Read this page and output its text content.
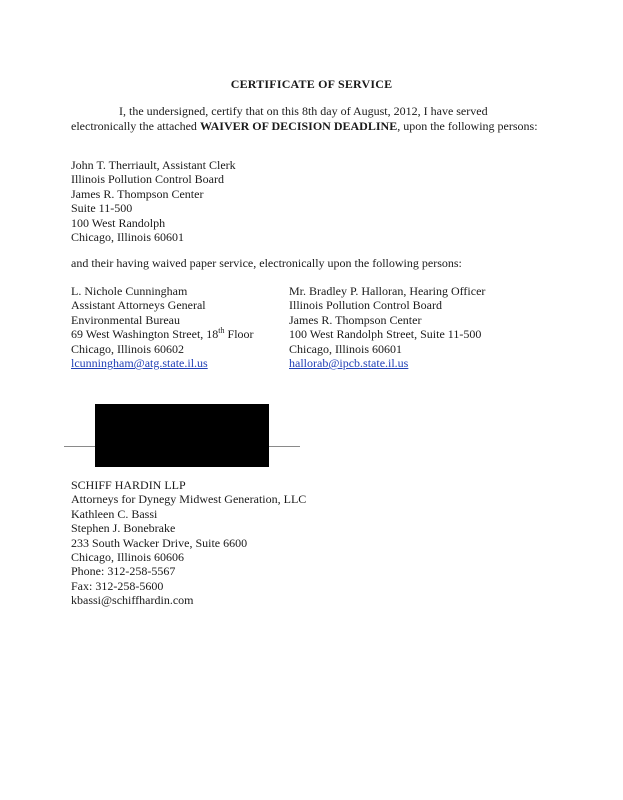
CERTIFICATE OF SERVICE
I, the undersigned, certify that on this 8th day of August, 2012, I have served electronically the attached WAIVER OF DECISION DEADLINE, upon the following persons:
John T. Therriault, Assistant Clerk
Illinois Pollution Control Board
James R. Thompson Center
Suite 11-500
100 West Randolph
Chicago, Illinois 60601
and their having waived paper service, electronically upon the following persons:
L. Nichole Cunningham
Assistant Attorneys General
Environmental Bureau
69 West Washington Street, 18th Floor
Chicago, Illinois 60602
lcunningham@atg.state.il.us
Mr. Bradley P. Halloran, Hearing Officer
Illinois Pollution Control Board
James R. Thompson Center
100 West Randolph Street, Suite 11-500
Chicago, Illinois 60601
hallorab@ipcb.state.il.us
SCHIFF HARDIN LLP
Attorneys for Dynegy Midwest Generation, LLC
Kathleen C. Bassi
Stephen J. Bonebrake
233 South Wacker Drive, Suite 6600
Chicago, Illinois 60606
Phone: 312-258-5567
Fax: 312-258-5600
kbassi@schiffhardin.com
